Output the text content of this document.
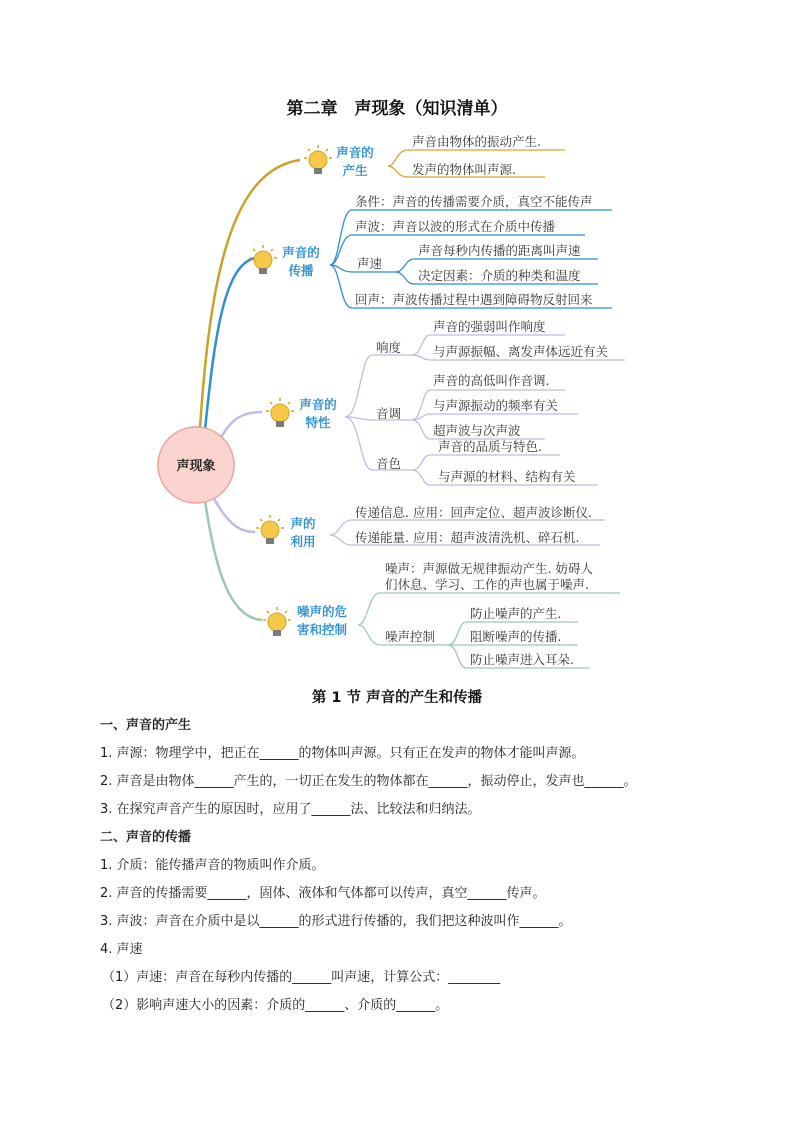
第二章　声现象（知识清单）
声现象
声音的
产生
声音由物体的振动产生.
发声的物体叫声源.
声音的
传播
条件：声音的传播需要介质，真空不能传声
声波：声音以波的形式在介质中传播
声速
声音每秒内传播的距离叫声速
决定因素：介质的种类和温度
回声：声波传播过程中遇到障碍物反射回来
声音的
特性
响度
声音的强弱叫作响度
与声源振幅、离发声体远近有关
音调
声音的高低叫作音调.
与声源振动的频率有关
超声波与次声波
音色
声音的品质与特色.
与声源的材料、结构有关
声的
利用
传递信息. 应用：回声定位、超声波诊断仪.
传递能量. 应用：超声波清洗机、碎石机.
噪声的危
害和控制
噪声：声源做无规律振动产生. 妨碍人
们休息、学习、工作的声也属于噪声.
噪声控制
防止噪声的产生.
阻断噪声的传播.
防止噪声进入耳朵.
第 1 节 声音的产生和传播
一、声音的产生
1. 声源：物理学中，把正在______的物体叫声源。只有正在发声的物体才能叫声源。
2. 声音是由物体______产生的，一切正在发生的物体都在______，振动停止，发声也______。
3. 在探究声音产生的原因时，应用了______法、比较法和归纳法。
二、声音的传播
1. 介质：能传播声音的物质叫作介质。
2. 声音的传播需要______，固体、液体和气体都可以传声，真空______传声。
3. 声波：声音在介质中是以______的形式进行传播的，我们把这种波叫作______。
4. 声速
（1）声速：声音在每秒内传播的______叫声速，计算公式：________
（2）影响声速大小的因素：介质的______、介质的______。
